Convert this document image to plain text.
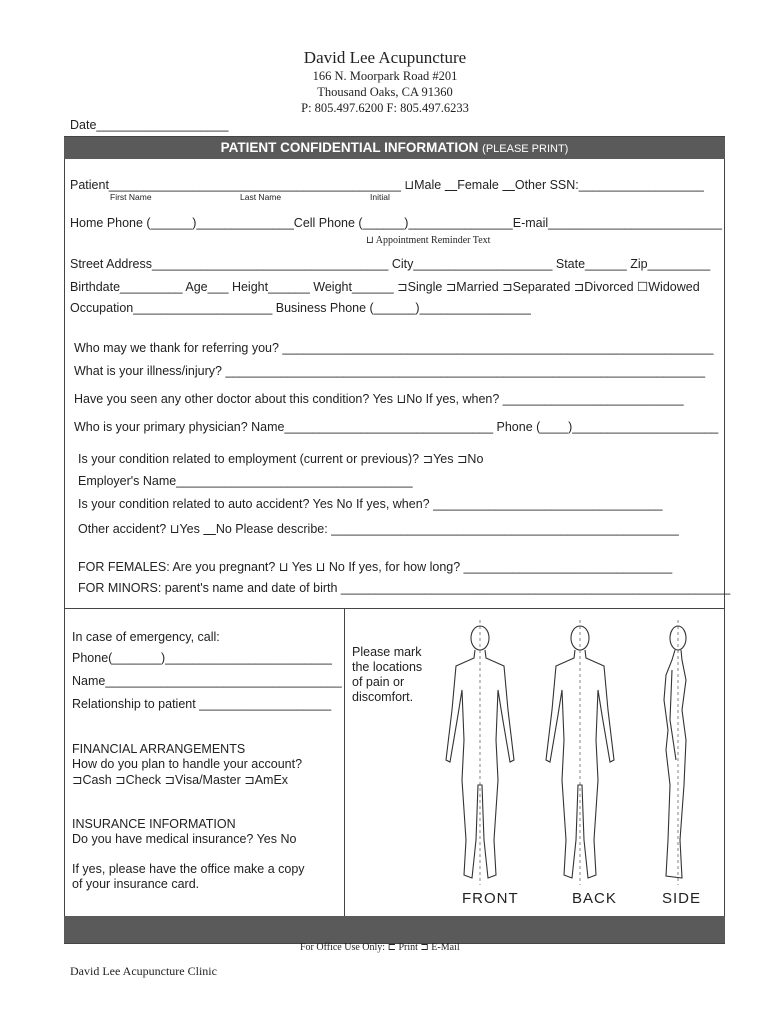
David Lee Acupuncture
166 N. Moorpark Road #201
Thousand Oaks, CA 91360
P: 805.497.6200 F: 805.497.6233
Date___________________
PATIENT CONFIDENTIAL INFORMATION (PLEASE PRINT)
Patient__________________________________________ ⊔Male ⎽Female ⎽Other SSN:__________________
First Name	Last Name	Initial
Home Phone (______)______________Cell Phone (______)_______________E-mail_________________________
⊔ Appointment Reminder Text
Street Address__________________________________ City____________________ State______ Zip_________
Birthdate_________ Age___ Height______ Weight______ ⊐Single ⊐Married ⊐Separated ⊐Divorced ☐Widowed
Occupation____________________ Business Phone (______)________________
Who may we thank for referring you? ______________________________________________________________
What is your illness/injury? _____________________________________________________________________
Have you seen any other doctor about this condition? Yes ⊔No If yes, when? __________________________
Who is your primary physician? Name______________________________ Phone (____)_____________________
Is your condition related to employment (current or previous)? ⊐Yes ⊐No
Employer's Name__________________________________
Is your condition related to auto accident? Yes No If yes, when? _________________________________
Other accident? ⊔Yes ⎽No Please describe: __________________________________________________
FOR FEMALES: Are you pregnant? ⊔ Yes ⊔ No If yes, for how long? ______________________________
FOR MINORS: parent's name and date of birth ________________________________________________________
In case of emergency, call:
Phone(_______)________________________
Name__________________________________
Relationship to patient ___________________
FINANCIAL ARRANGEMENTS
How do you plan to handle your account?
⊐Cash ⊐Check ⊐Visa/Master ⊐AmEx
INSURANCE INFORMATION
Do you have medical insurance? Yes No
If yes, please have the office make a copy
of your insurance card.
Please mark
the locations
of pain or
discomfort.
FRONT	BACK	SIDE
For Office Use Only: ⊏ Print ⊐ E-Mail
David Lee Acupuncture Clinic
